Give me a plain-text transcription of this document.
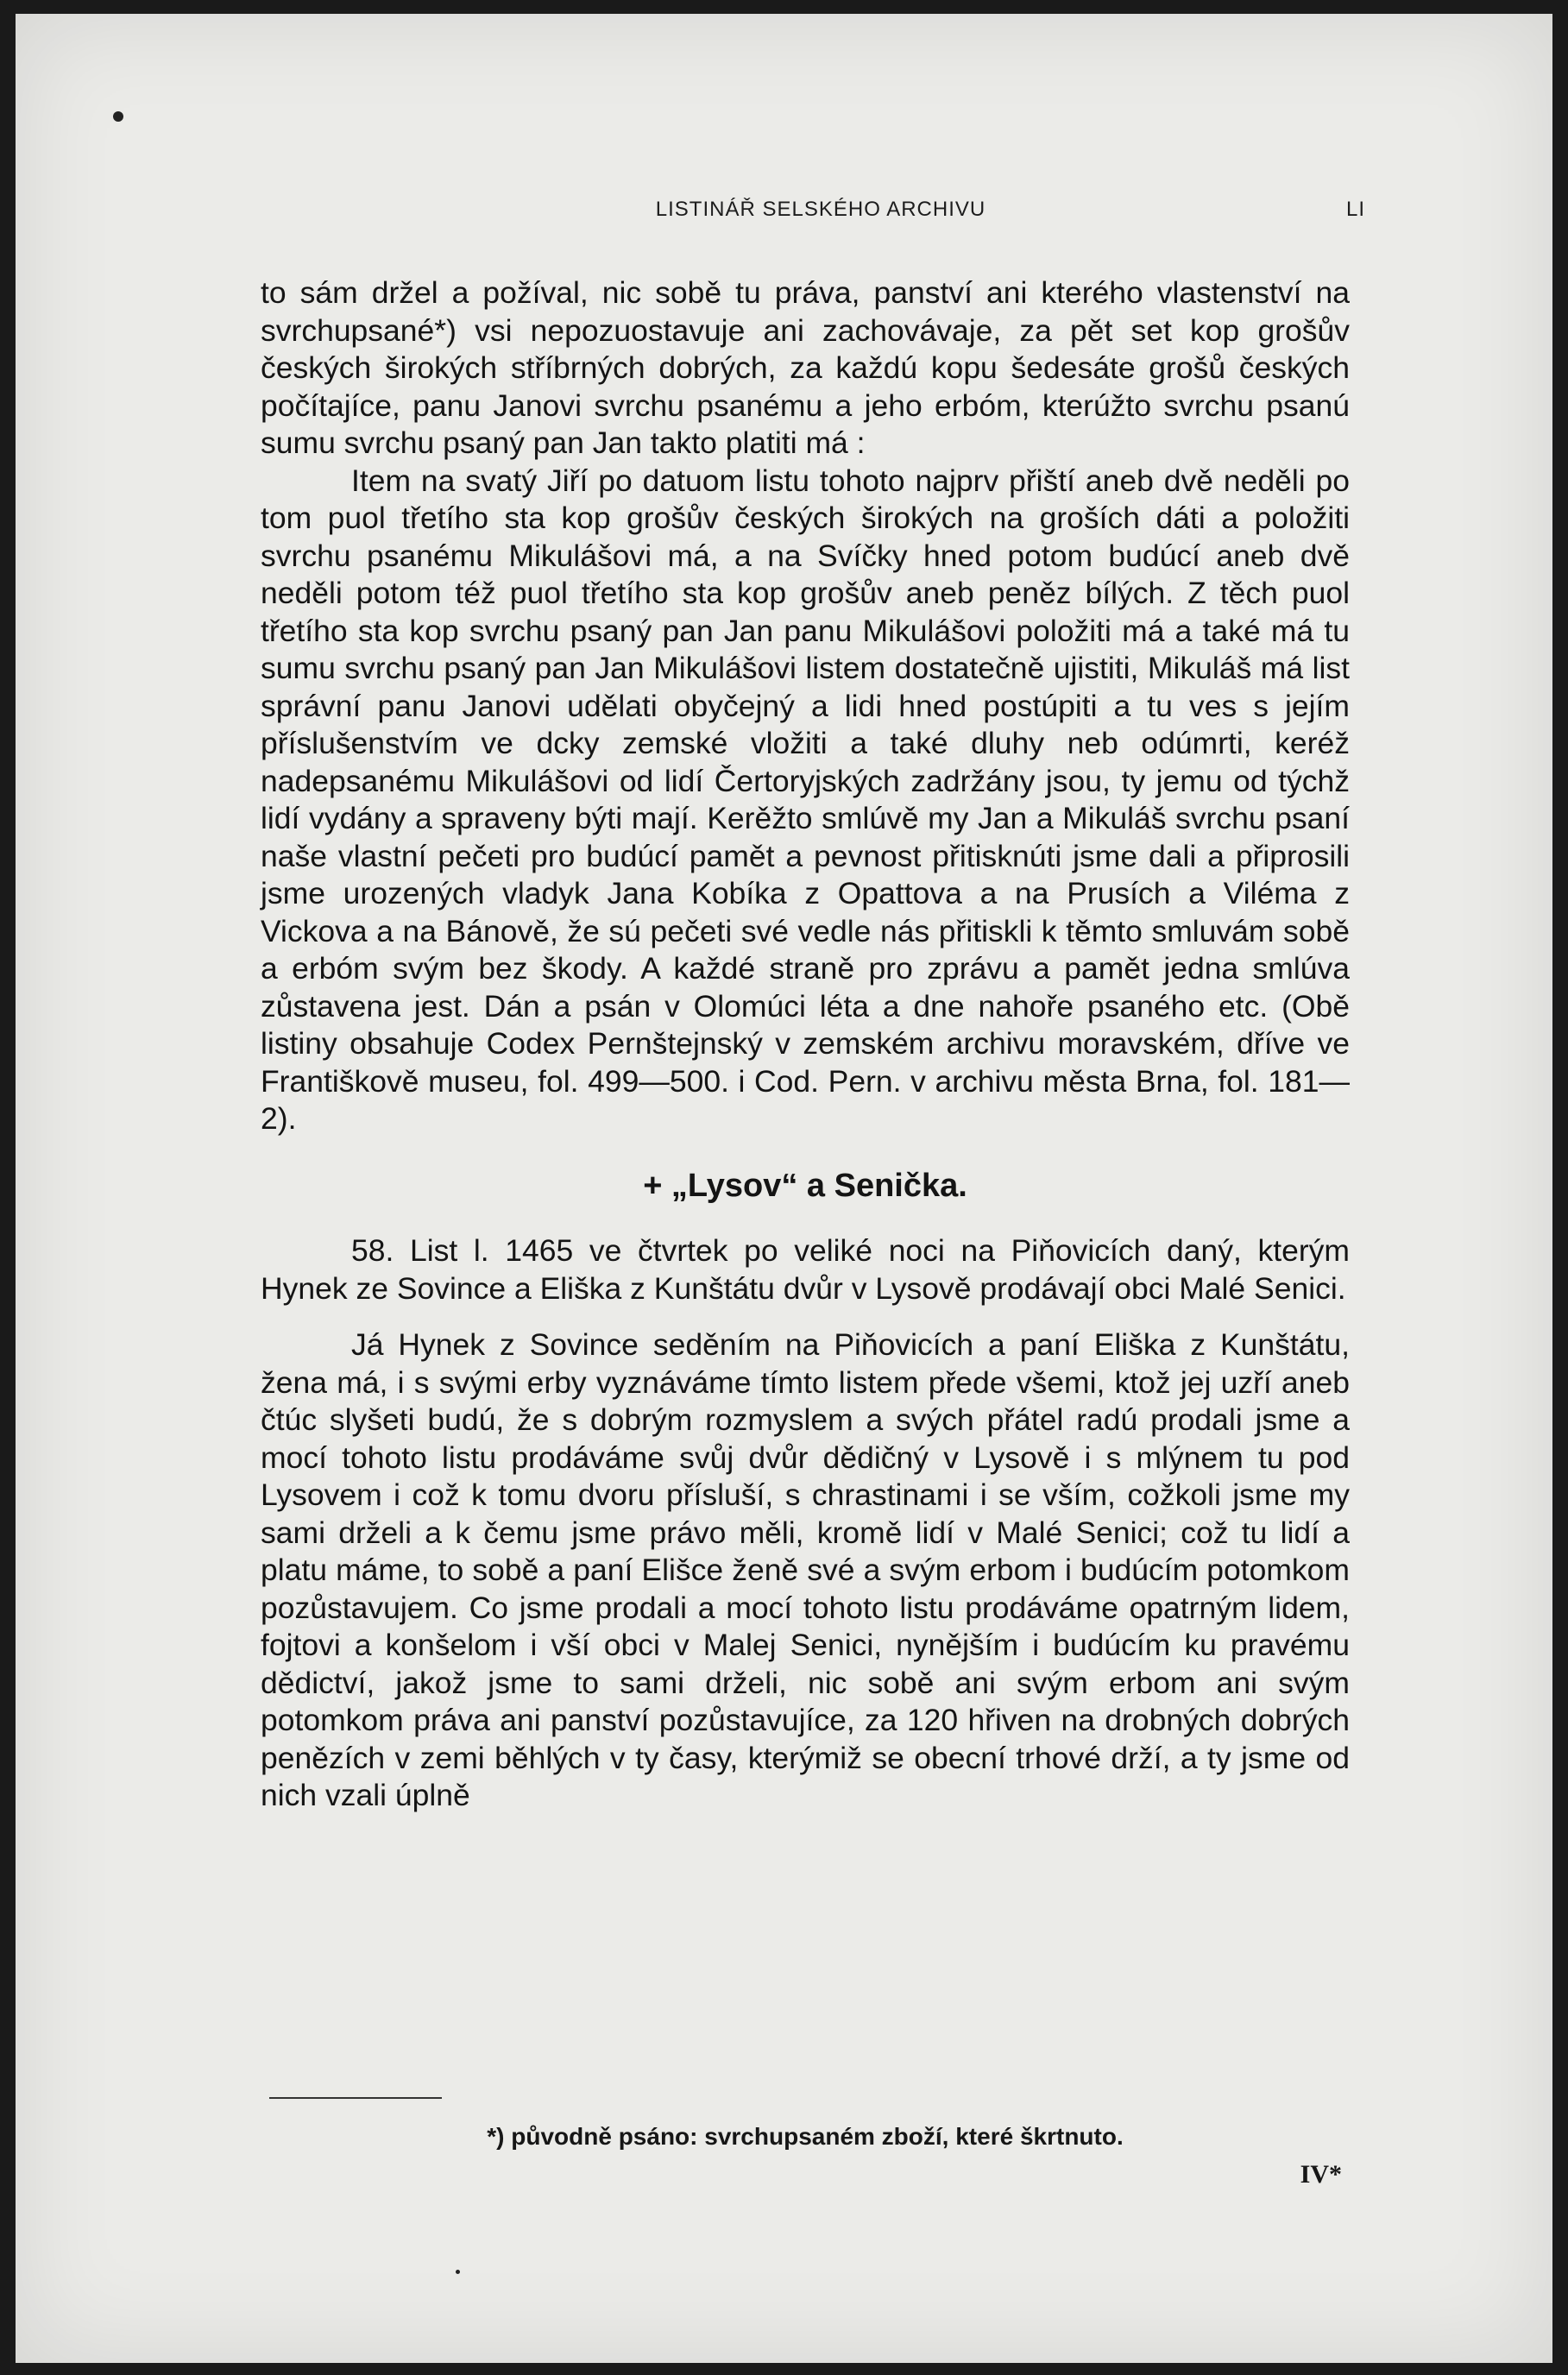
LISTINÁŘ SELSKÉHO ARCHIVU	LI

to sám držel a požíval, nic sobě tu práva, panství ani kterého vlastenství na svrchupsané*) vsi nepozuostavuje ani zachovávaje, za pět set kop grošův českých širokých stříbrných dobrých, za každú kopu šedesáte grošů českých počítajíce, panu Janovi svrchu psanému a jeho erbóm, kterúžto svrchu psanú sumu svrchu psaný pan Jan takto platiti má :

Item na svatý Jiří po datuom listu tohoto najprv přiští aneb dvě neděli po tom puol třetího sta kop grošův českých širokých na groších dáti a položiti svrchu psanému Mikulášovi má, a na Svíčky hned potom budúcí aneb dvě neděli potom též puol třetího sta kop grošův aneb peněz bílých. Z těch puol třetího sta kop svrchu psaný pan Jan panu Mikulášovi položiti má a také má tu sumu svrchu psaný pan Jan Mikulášovi listem dostatečně ujistiti, Mikuláš má list správní panu Janovi udělati obyčejný a lidi hned postúpiti a tu ves s jejím příslušenstvím ve dcky zemské vložiti a také dluhy neb odúmrti, keréž nadepsanému Mikulášovi od lidí Čertoryjských zadržány jsou, ty jemu od týchž lidí vydány a spraveny býti mají. Kerěžto smlúvě my Jan a Mikuláš svrchu psaní naše vlastní pečeti pro budúcí pamět a pevnost přitisknúti jsme dali a připrosili jsme urozených vladyk Jana Kobíka z Opattova a na Prusích a Viléma z Vickova a na Bánově, že sú pečeti své vedle nás přitiskli k těmto smluvám sobě a erbóm svým bez škody. A každé straně pro zprávu a pamět jedna smlúva zůstavena jest. Dán a psán v Olomúci léta a dne nahoře psaného etc. (Obě listiny obsahuje Codex Pernštejnský v zemském archivu moravském, dříve ve Františkově museu, fol. 499—500. i Cod. Pern. v archivu města Brna, fol. 181—2).

+ „Lysov“ a Senička.

58. List l. 1465 ve čtvrtek po veliké noci na Piňovicích daný, kterým Hynek ze Sovince a Eliška z Kunštátu dvůr v Lysově prodávají obci Malé Senici.

Já Hynek z Sovince seděním na Piňovicích a paní Eliška z Kunštátu, žena má, i s svými erby vyznáváme tímto listem přede všemi, ktož jej uzří aneb čtúc slyšeti budú, že s dobrým rozmyslem a svých přátel radú prodali jsme a mocí tohoto listu prodáváme svůj dvůr dědičný v Lysově i s mlýnem tu pod Lysovem i což k tomu dvoru přísluší, s chrastinami i se vším, cožkoli jsme my sami drželi a k čemu jsme právo měli, kromě lidí v Malé Senici; což tu lidí a platu máme, to sobě a paní Elišce ženě své a svým erbom i budúcím potomkom pozůstavujem. Co jsme prodali a mocí tohoto listu prodáváme opatrným lidem, fojtovi a konšelom i vší obci v Malej Senici, nynějším i budúcím ku pravému dědictví, jakož jsme to sami drželi, nic sobě ani svým erbom ani svým potomkom práva ani panství pozůstavujíce, za 120 hřiven na drobných dobrých penězích v zemi běhlých v ty časy, kterýmiž se obecní trhové drží, a ty jsme od nich vzali úplně

*) původně psáno: svrchupsaném zboží, které škrtnuto.
IV*
